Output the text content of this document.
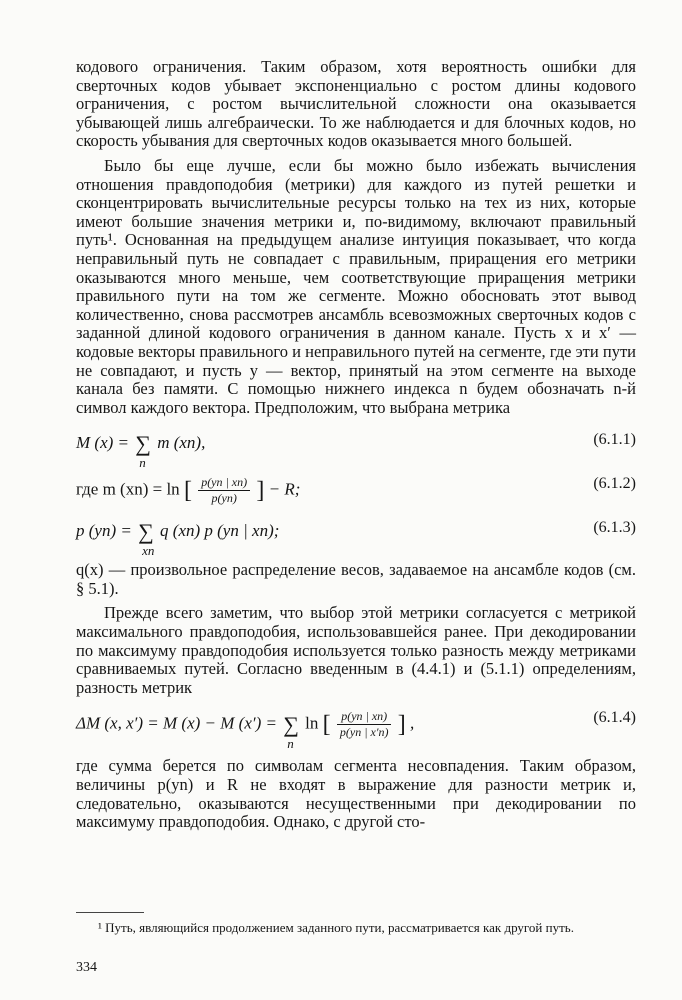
кодового ограничения. Таким образом, хотя вероятность ошибки для сверточных кодов убывает экспоненциально с ростом длины кодового ограничения, с ростом вычислительной сложности она оказывается убывающей лишь алгебраически. То же наблюдается и для блочных кодов, но скорость убывания для сверточных кодов оказывается много большей.

Было бы еще лучше, если бы можно было избежать вычисления отношения правдоподобия (метрики) для каждого из путей решетки и сконцентрировать вычислительные ресурсы только на тех из них, которые имеют большие значения метрики и, по-видимому, включают правильный путь¹. Основанная на предыдущем анализе интуиция показывает, что когда неправильный путь не совпадает с правильным, приращения его метрики оказываются много меньше, чем соответствующие приращения метрики правильного пути на том же сегменте. Можно обосновать этот вывод количественно, снова рассмотрев ансамбль всевозможных сверточных кодов с заданной длиной кодового ограничения в данном канале. Пусть x и x′ — кодовые векторы правильного и неправильного путей на сегменте, где эти пути не совпадают, и пусть y — вектор, принятый на этом сегменте на выходе канала без памяти. С помощью нижнего индекса n будем обозначать n-й символ каждого вектора. Предположим, что выбрана метрика

M (x) = ∑
n
m (xn),	(6.1.1)
где m (xn) = ln [ $\frac{p(yn | xn)}{p(yn)}$ ] − R;	(6.1.2)
p (yn) = ∑
xn
q (xn) p (yn | xn);	(6.1.3)

q(x) — произвольное распределение весов, задаваемое на ансамбле кодов (см. § 5.1).

Прежде всего заметим, что выбор этой метрики согласуется с метрикой максимального правдоподобия, использовавшейся ранее. При декодировании по максимуму правдоподобия используется только разность между метриками сравниваемых путей. Согласно введенным в (4.4.1) и (5.1.1) определениям, разность метрик

ΔM (x, x′) = M (x) − M (x′) = ∑
n
ln [ $\frac{p(yn | xn)}{p(yn | x'n)}$ ] ,	(6.1.4)

где сумма берется по символам сегмента несовпадения. Таким образом, величины p(yn) и R не входят в выражение для разности метрик и, следовательно, оказываются несущественными при декодировании по максимуму правдоподобия. Однако, с другой сто-

¹ Путь, являющийся продолжением заданного пути, рассматривается как другой путь.
334
